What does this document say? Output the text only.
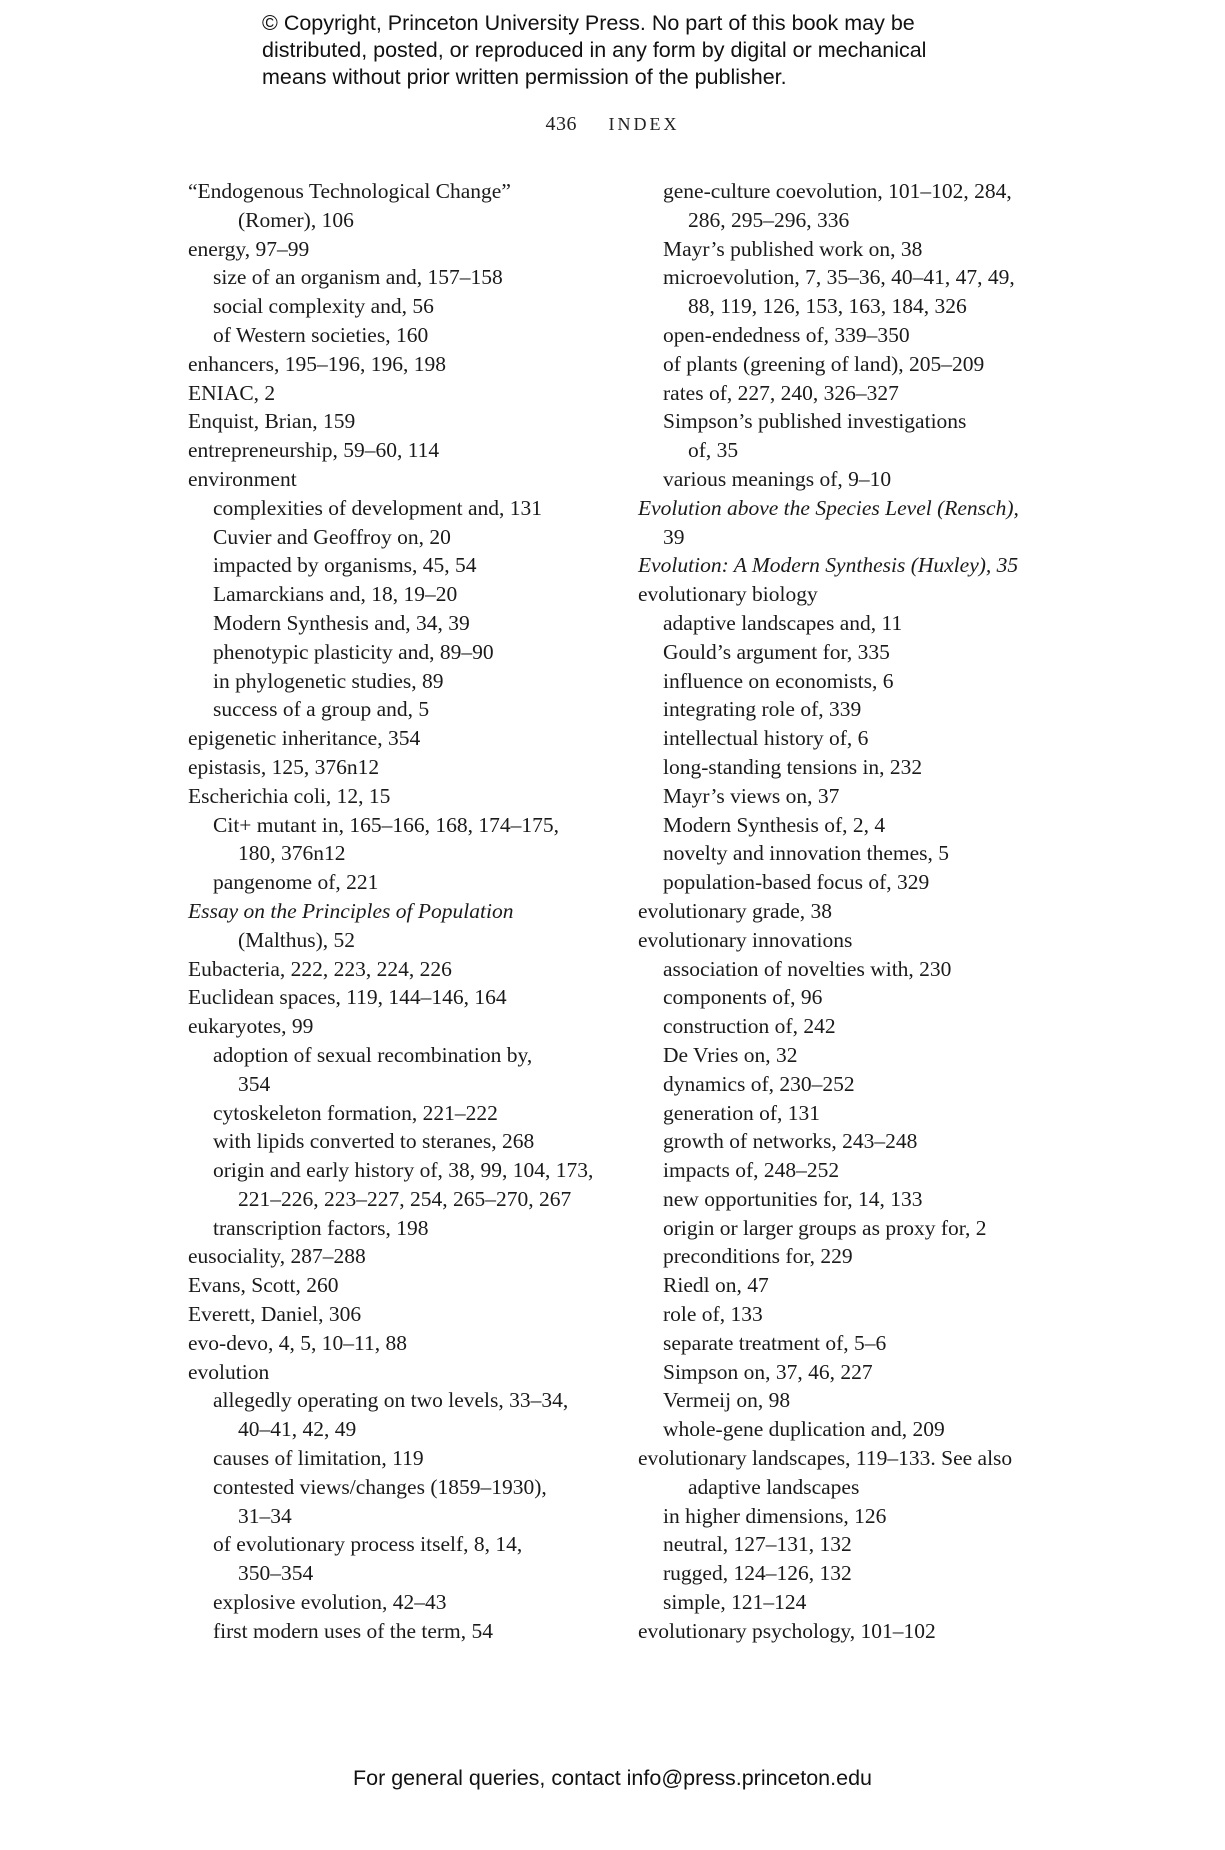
© Copyright, Princeton University Press. No part of this book may be
distributed, posted, or reproduced in any form by digital or mechanical
means without prior written permission of the publisher.
436 INDEX
“Endogenous Technological Change”
(Romer), 106
energy, 97–99
size of an organism and, 157–158
social complexity and, 56
of Western societies, 160
enhancers, 195–196, 196, 198
ENIAC, 2
Enquist, Brian, 159
entrepreneurship, 59–60, 114
environment
complexities of development and, 131
Cuvier and Geoffroy on, 20
impacted by organisms, 45, 54
Lamarckians and, 18, 19–20
Modern Synthesis and, 34, 39
phenotypic plasticity and, 89–90
in phylogenetic studies, 89
success of a group and, 5
epigenetic inheritance, 354
epistasis, 125, 376n12
Escherichia coli, 12, 15
Cit+ mutant in, 165–166, 168, 174–175,
180, 376n12
pangenome of, 221
Essay on the Principles of Population
(Malthus), 52
Eubacteria, 222, 223, 224, 226
Euclidean spaces, 119, 144–146, 164
eukaryotes, 99
adoption of sexual recombination by,
354
cytoskeleton formation, 221–222
with lipids converted to steranes, 268
origin and early history of, 38, 99, 104, 173,
221–226, 223–227, 254, 265–270, 267
transcription factors, 198
eusociality, 287–288
Evans, Scott, 260
Everett, Daniel, 306
evo-devo, 4, 5, 10–11, 88
evolution
allegedly operating on two levels, 33–34,
40–41, 42, 49
causes of limitation, 119
contested views/changes (1859–1930),
31–34
of evolutionary process itself, 8, 14,
350–354
explosive evolution, 42–43
first modern uses of the term, 54
gene-culture coevolution, 101–102, 284,
286, 295–296, 336
Mayr’s published work on, 38
microevolution, 7, 35–36, 40–41, 47, 49,
88, 119, 126, 153, 163, 184, 326
open-endedness of, 339–350
of plants (greening of land), 205–209
rates of, 227, 240, 326–327
Simpson’s published investigations
of, 35
various meanings of, 9–10
Evolution above the Species Level (Rensch),
39
Evolution: A Modern Synthesis (Huxley), 35
evolutionary biology
adaptive landscapes and, 11
Gould’s argument for, 335
influence on economists, 6
integrating role of, 339
intellectual history of, 6
long-standing tensions in, 232
Mayr’s views on, 37
Modern Synthesis of, 2, 4
novelty and innovation themes, 5
population-based focus of, 329
evolutionary grade, 38
evolutionary innovations
association of novelties with, 230
components of, 96
construction of, 242
De Vries on, 32
dynamics of, 230–252
generation of, 131
growth of networks, 243–248
impacts of, 248–252
new opportunities for, 14, 133
origin or larger groups as proxy for, 2
preconditions for, 229
Riedl on, 47
role of, 133
separate treatment of, 5–6
Simpson on, 37, 46, 227
Vermeij on, 98
whole-gene duplication and, 209
evolutionary landscapes, 119–133. See also
adaptive landscapes
in higher dimensions, 126
neutral, 127–131, 132
rugged, 124–126, 132
simple, 121–124
evolutionary psychology, 101–102
For general queries, contact info@press.princeton.edu
